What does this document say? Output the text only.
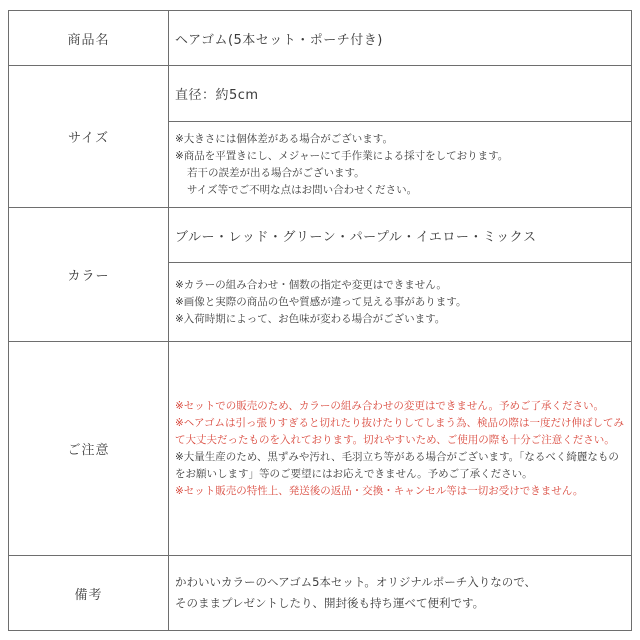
商品名	ヘアゴム(5本セット・ポーチ付き)
サイズ	直径：約5cm

	※大きさには個体差がある場合がございます。
※商品を平置きにし、メジャーにて手作業による採寸をしております。
若干の誤差が出る場合がございます。
サイズ等でご不明な点はお問い合わせください。

カラー	ブルー・レッド・グリーン・パープル・イエロー・ミックス

	※カラーの組み合わせ・個数の指定や変更はできません。
※画像と実際の商品の色や質感が違って見える事があります。
※入荷時期によって、お色味が変わる場合がございます。

ご注意	※セットでの販売のため、カラーの組み合わせの変更はできません。予めご了承ください。
※ヘアゴムは引っ張りすぎると切れたり抜けたりしてしまう為、検品の際は一度だけ伸ばしてみて大丈夫だったものを入れております。切れやすいため、ご使用の際も十分ご注意ください。
※大量生産のため、黒ずみや汚れ、毛羽立ち等がある場合がございます。「なるべく綺麗なものをお願いします」等のご要望にはお応えできません。予めご了承ください。
※セット販売の特性上、発送後の返品・交換・キャンセル等は一切お受けできません。

備考	かわいいカラーのヘアゴム5本セット。オリジナルポーチ入りなので、
そのままプレゼントしたり、開封後も持ち運べて便利です。
